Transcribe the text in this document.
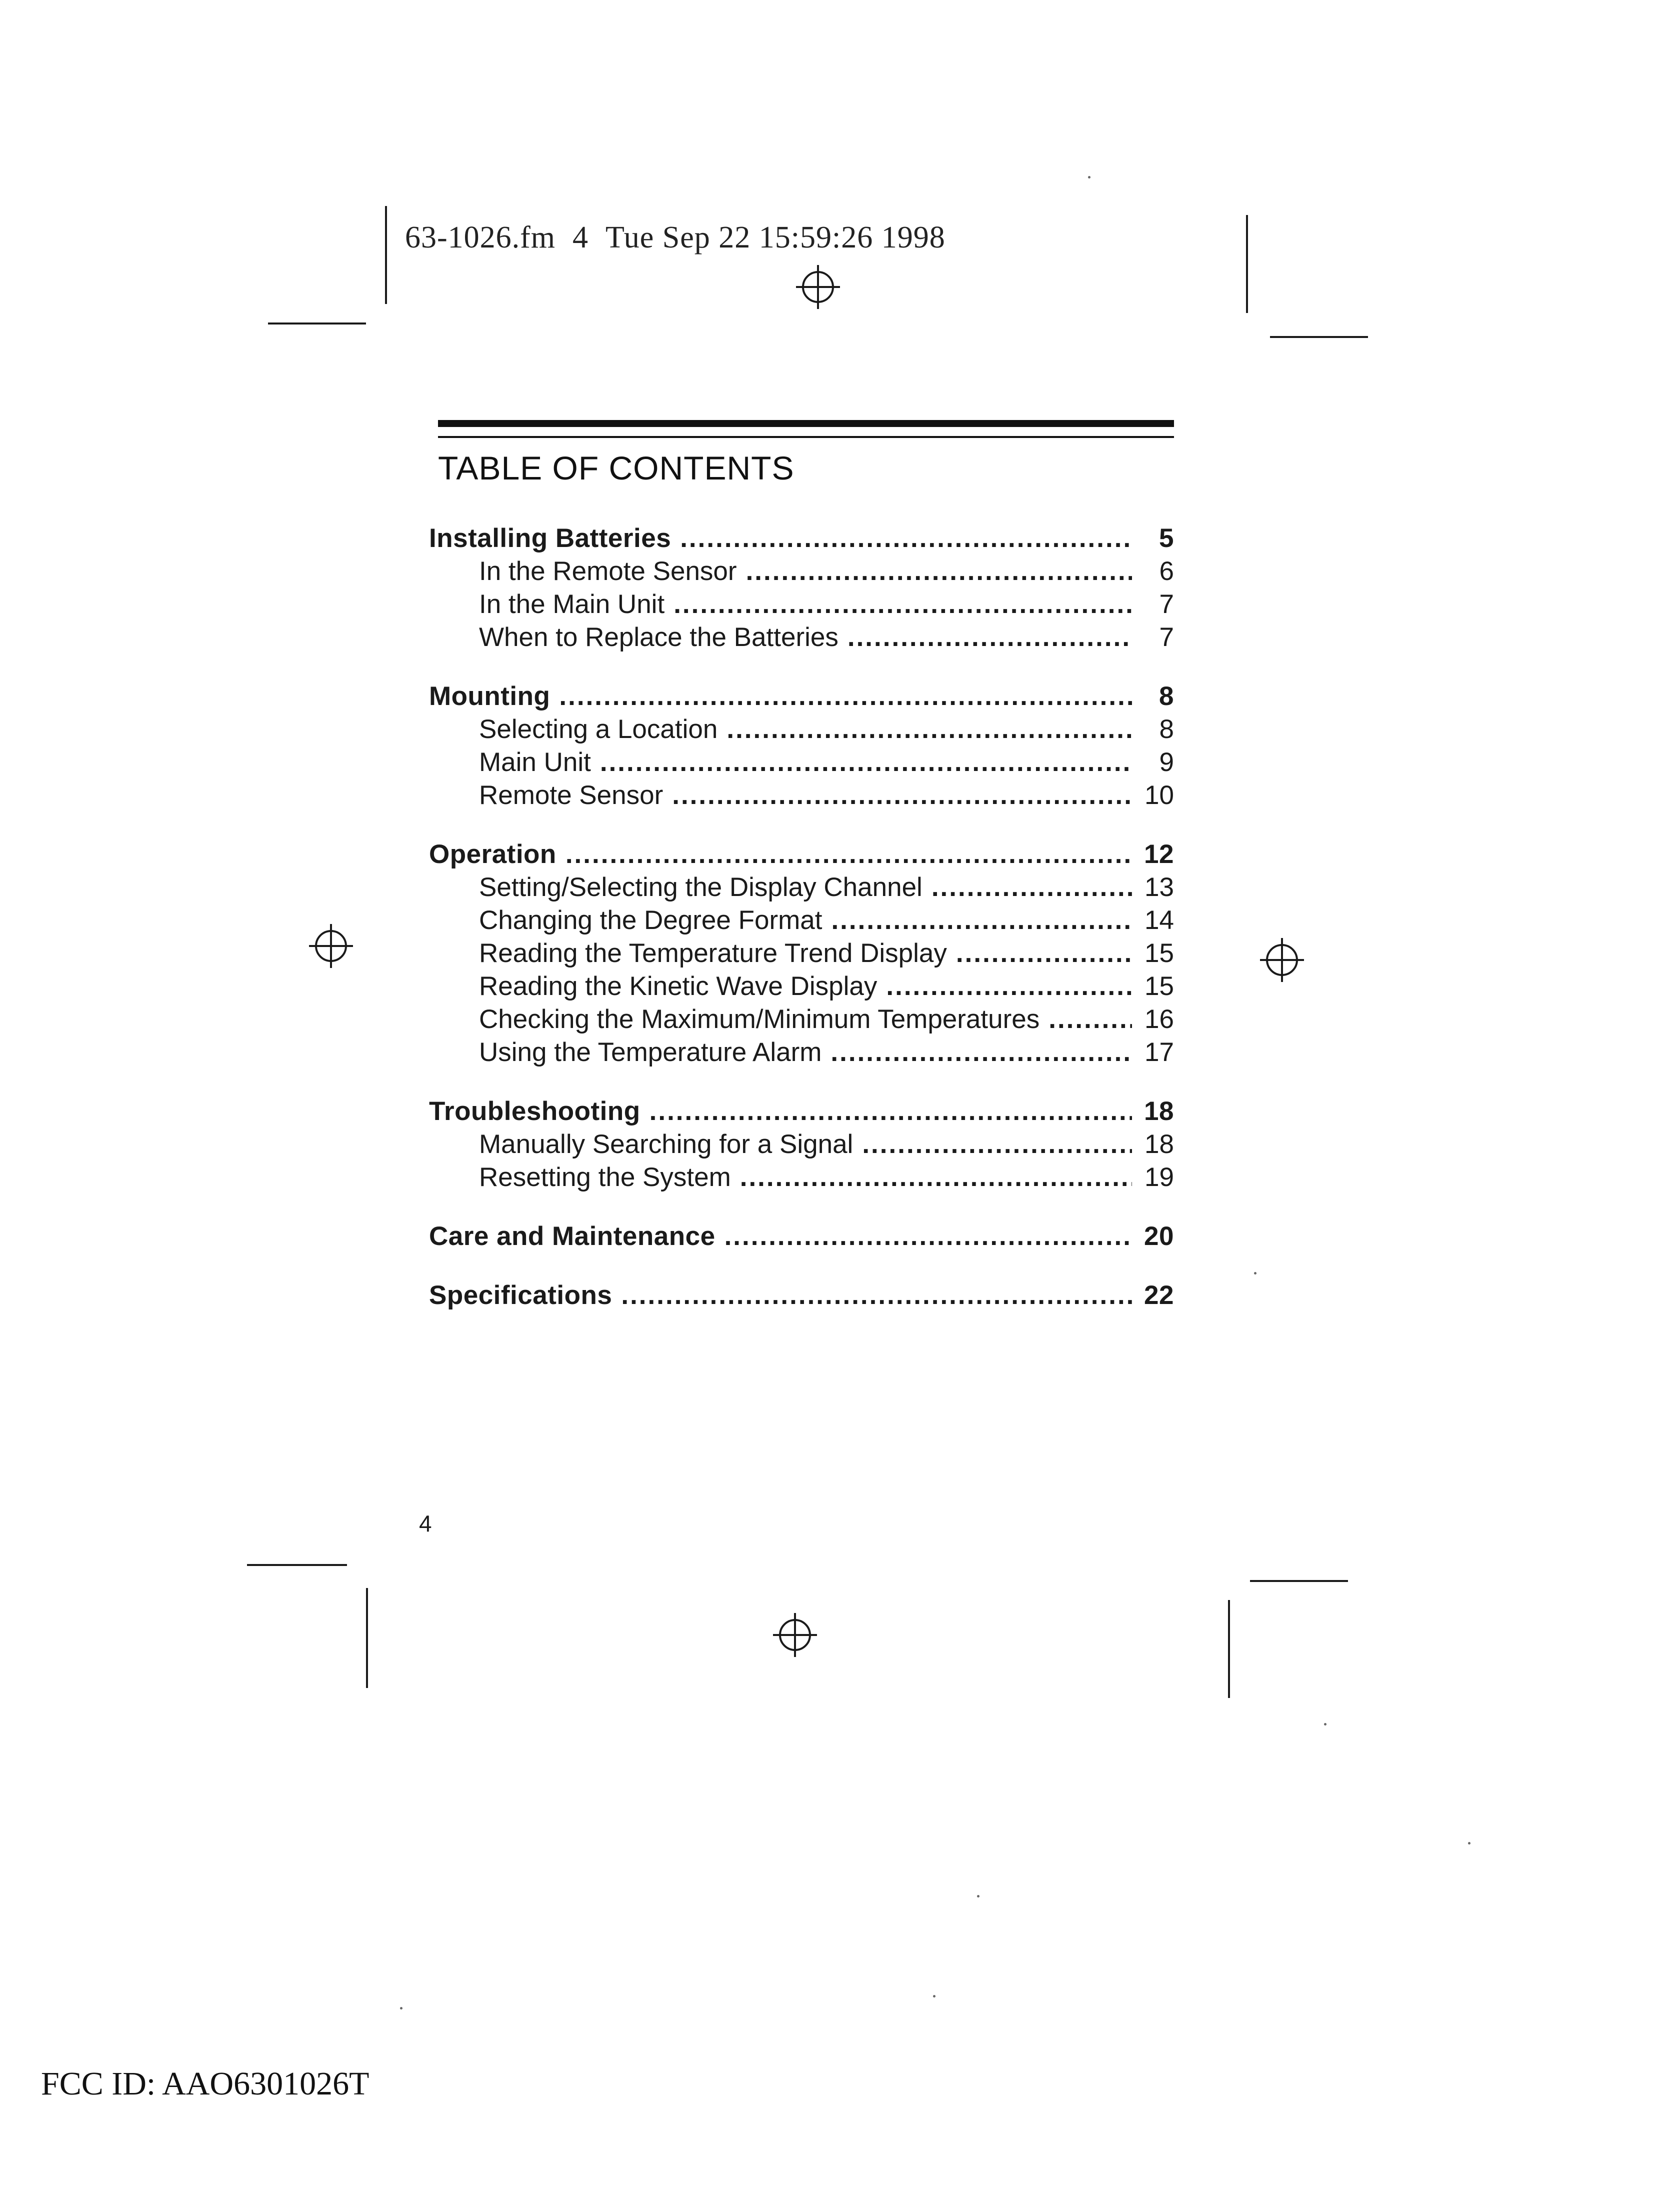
63-1026.fm 4 Tue Sep 22 15:59:26 1998
TABLE OF CONTENTS
Installing Batteries .....	5
In the Remote Sensor .....	6
In the Main Unit .....	7
When to Replace the Batteries .....	7
Mounting .....	8
Selecting a Location .....	8
Main Unit .....	9
Remote Sensor .....	10
Operation .....	12
Setting/Selecting the Display Channel .....	13
Changing the Degree Format .....	14
Reading the Temperature Trend Display .....	15
Reading the Kinetic Wave Display .....	15
Checking the Maximum/Minimum Temperatures .....	16
Using the Temperature Alarm .....	17
Troubleshooting .....	18
Manually Searching for a Signal .....	18
Resetting the System .....	19
Care and Maintenance .....	20
Specifications .....	22
4
FCC ID: AAO6301026T
